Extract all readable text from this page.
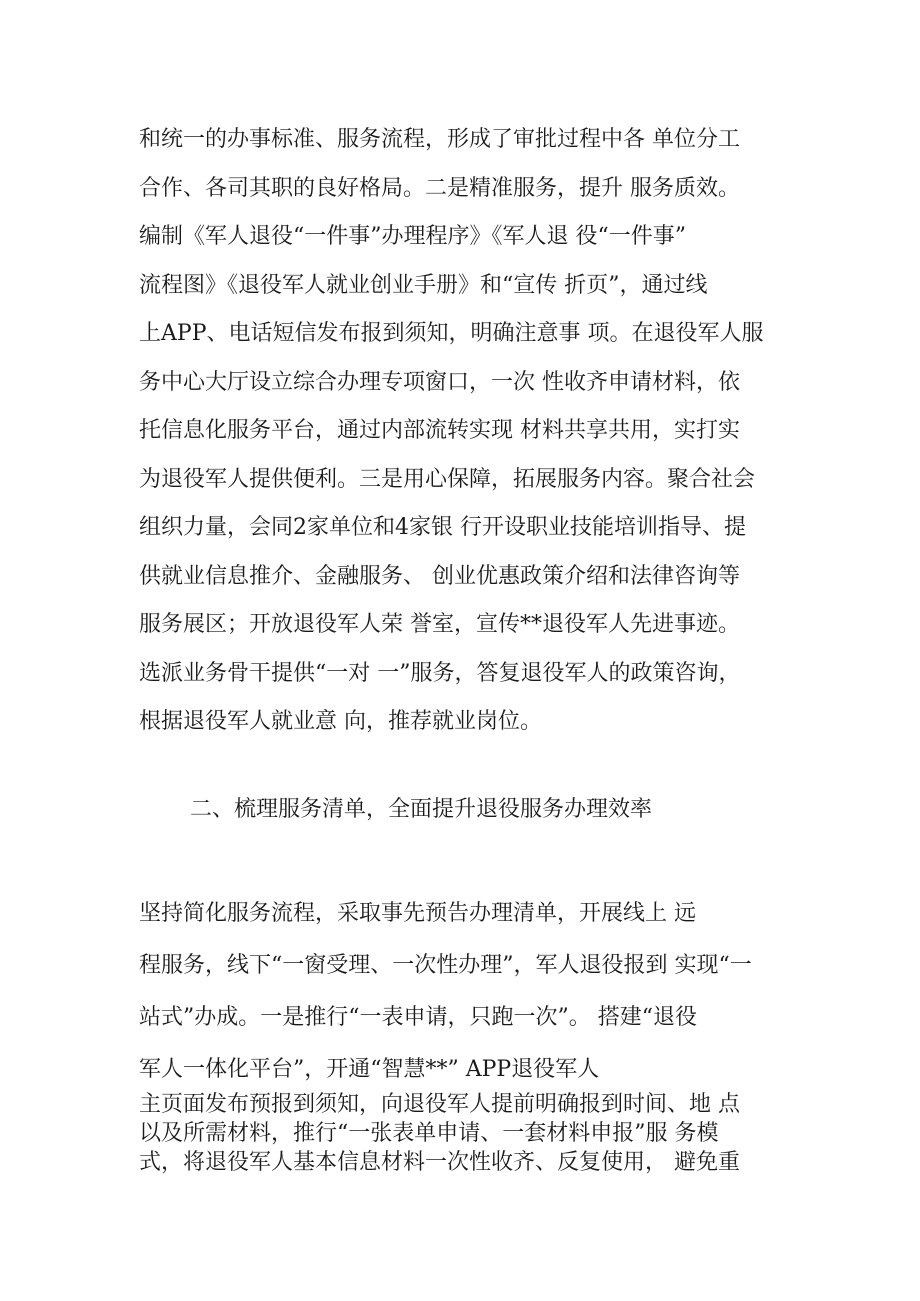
和统一的办事标准、服务流程，形成了审批过程中各 单位分工
合作、各司其职的良好格局。二是精准服务，提升 服务质效。
编制《军人退役“一件事”办理程序》《军人退 役“一件事”
流程图》《退役军人就业创业手册》和“宣传 折页”，通过线
上APP、电话短信发布报到须知，明确注意事 项。在退役军人服
务中心大厅设立综合办理专项窗口，一次 性收齐申请材料，依
托信息化服务平台，通过内部流转实现 材料共享共用，实打实
为退役军人提供便利。三是用心保障，拓展服务内容。聚合社会
组织力量，会同2家单位和4家银 行开设职业技能培训指导、提
供就业信息推介、金融服务、 创业优惠政策介绍和法律咨询等
服务展区；开放退役军人荣 誉室，宣传**退役军人先进事迹。
选派业务骨干提供“一对 一”服务，答复退役军人的政策咨询，
根据退役军人就业意 向，推荐就业岗位。
二、梳理服务清单，全面提升退役服务办理效率
坚持简化服务流程，采取事先预告办理清单，开展线上 远
程服务，线下“一窗受理、一次性办理”，军人退役报到 实现“一
站式”办成。一是推行“一表申请，只跑一次”。 搭建“退役
军人一体化平台”，开通“智慧**” APP退役军人
主页面发布预报到须知，向退役军人提前明确报到时间、地 点
以及所需材料，推行“一张表单申请、一套材料申报”服 务模
式，将退役军人基本信息材料一次性收齐、反复使用， 避免重
